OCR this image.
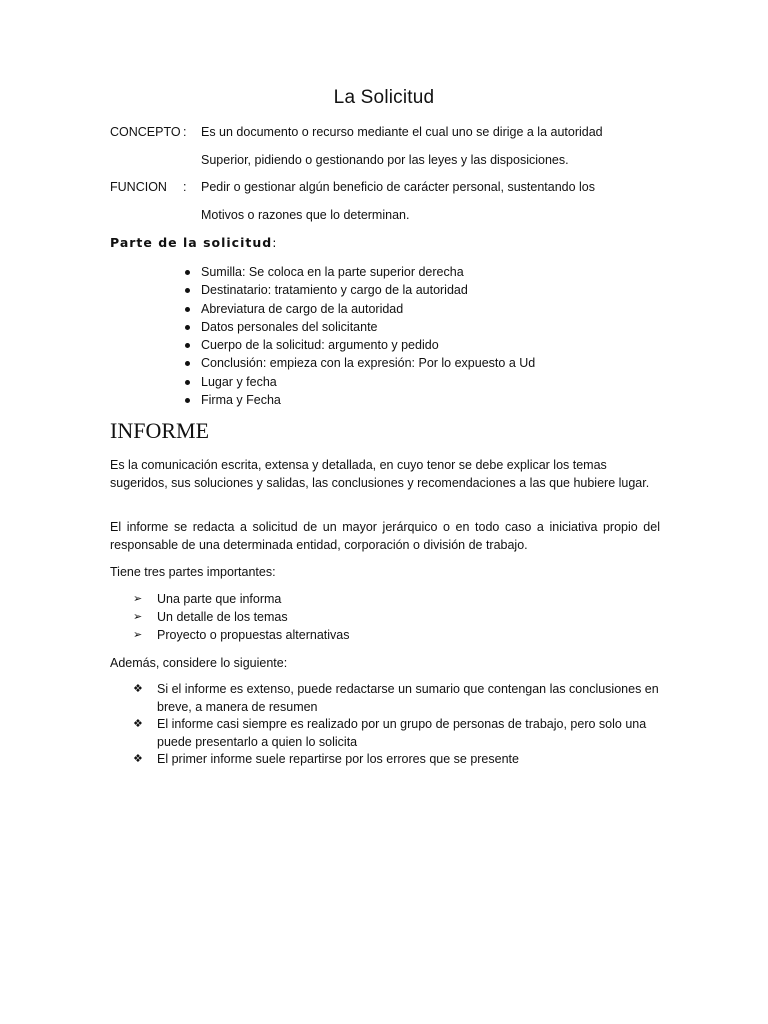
La Solicitud
CONCEPTO : Es un documento o recurso mediante el cual uno se dirige a la autoridad
Superior, pidiendo o gestionando por las leyes y las disposiciones.
FUNCION : Pedir o gestionar algún beneficio de carácter personal, sustentando los
Motivos o razones que lo determinan.
Parte de la solicitud:
Sumilla: Se coloca en la parte superior derecha
Destinatario: tratamiento y cargo de la autoridad
Abreviatura de cargo de la autoridad
Datos personales del solicitante
Cuerpo de la solicitud: argumento y pedido
Conclusión: empieza con la expresión: Por lo expuesto a Ud
Lugar y fecha
Firma y Fecha
INFORME
Es la comunicación escrita, extensa y detallada, en cuyo tenor se debe explicar los temas sugeridos, sus soluciones y salidas, las conclusiones y recomendaciones a las que hubiere lugar.
El informe se redacta a solicitud de un mayor jerárquico o en todo caso a iniciativa propio del responsable de una determinada entidad, corporación o división de trabajo.
Tiene tres partes importantes:
➢ Una parte que informa
➢ Un detalle de los temas
➢ Proyecto o propuestas alternativas
Además, considere lo siguiente:
❖ Si el informe es extenso, puede redactarse un sumario que contengan las conclusiones en breve, a manera de resumen
❖ El informe casi siempre es realizado por un grupo de personas de trabajo, pero solo una puede presentarlo a quien lo solicita
❖ El primer informe suele repartirse por los errores que se presente
